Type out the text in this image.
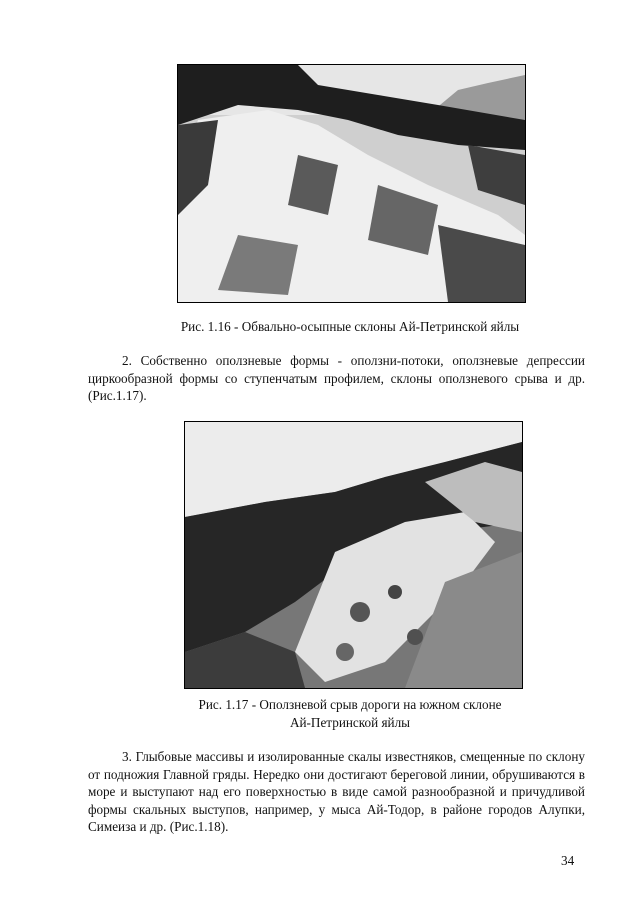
Рис. 1.16 - Обвально-осыпные склоны Ай-Петринской яйлы

2. Собственно оползневые формы - оползни-потоки, оползневые депрессии циркообразной формы со ступенчатым профилем, склоны оползневого срыва и др. (Рис.1.17).

Рис. 1.17 - Оползневой срыв дороги на южном склоне
Ай-Петринской яйлы

3. Глыбовые массивы и изолированные скалы известняков, смещенные по склону от подножия Главной гряды. Нередко они достигают береговой линии, обрушиваются в море и выступают над его поверхностью в виде самой разнообразной и причудливой формы скальных выступов, например, у мыса Ай-Тодор, в районе городов Алупки, Симеиза и др. (Рис.1.18).

34
